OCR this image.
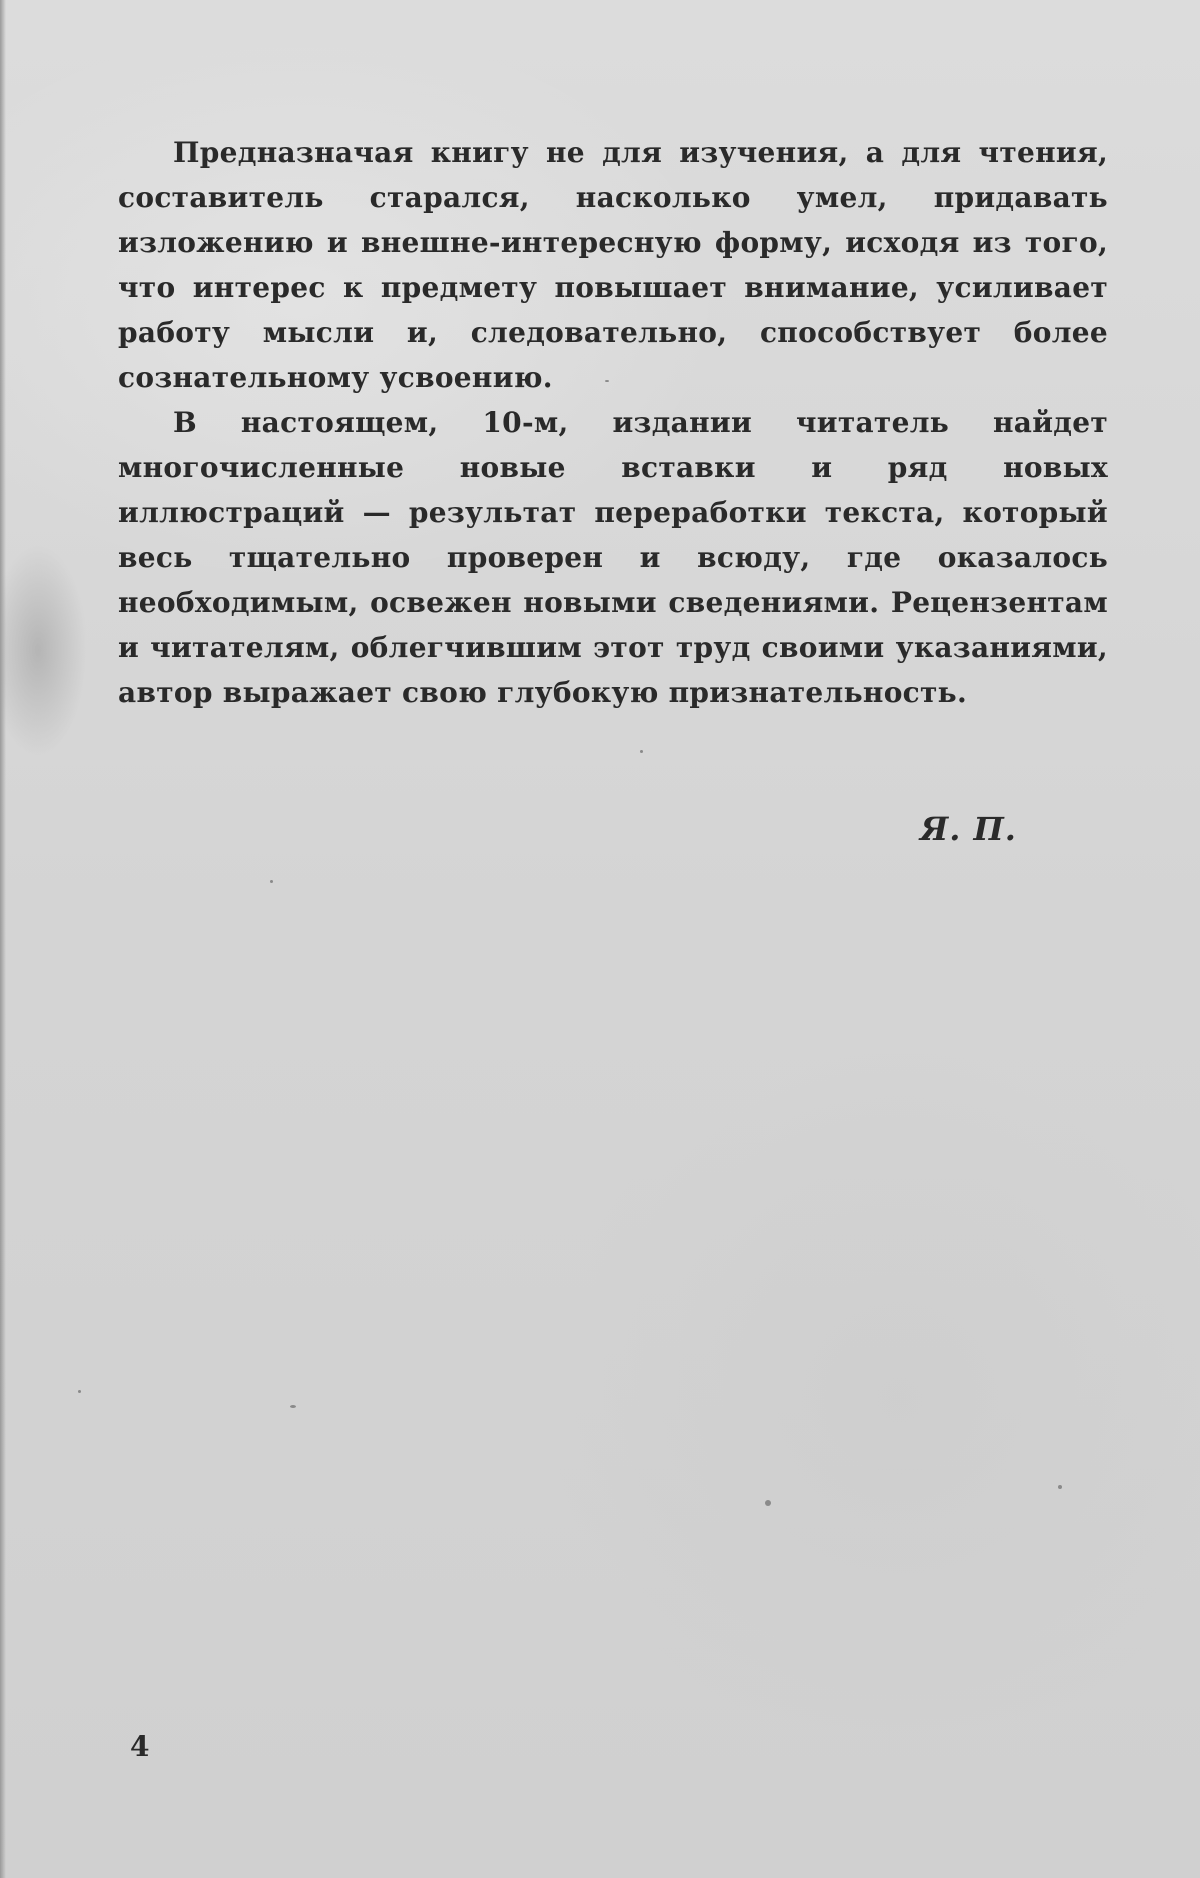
Предназначая книгу не для изучения, а для чтения, составитель старался, насколько умел, придавать изложению и внешне-интересную форму, исходя из того, что интерес к предмету повышает внимание, усиливает работу мысли и, следовательно, способствует более сознательному усвоению.

В настоящем, 10-м, издании читатель найдет многочисленные новые вставки и ряд новых иллюстраций — результат переработки текста, который весь тщательно проверен и всюду, где оказалось необходимым, освежен новыми сведениями. Рецензентам и читателям, облегчившим этот труд своими указаниями, автор выражает свою глубокую признательность.

Я. П.
4
